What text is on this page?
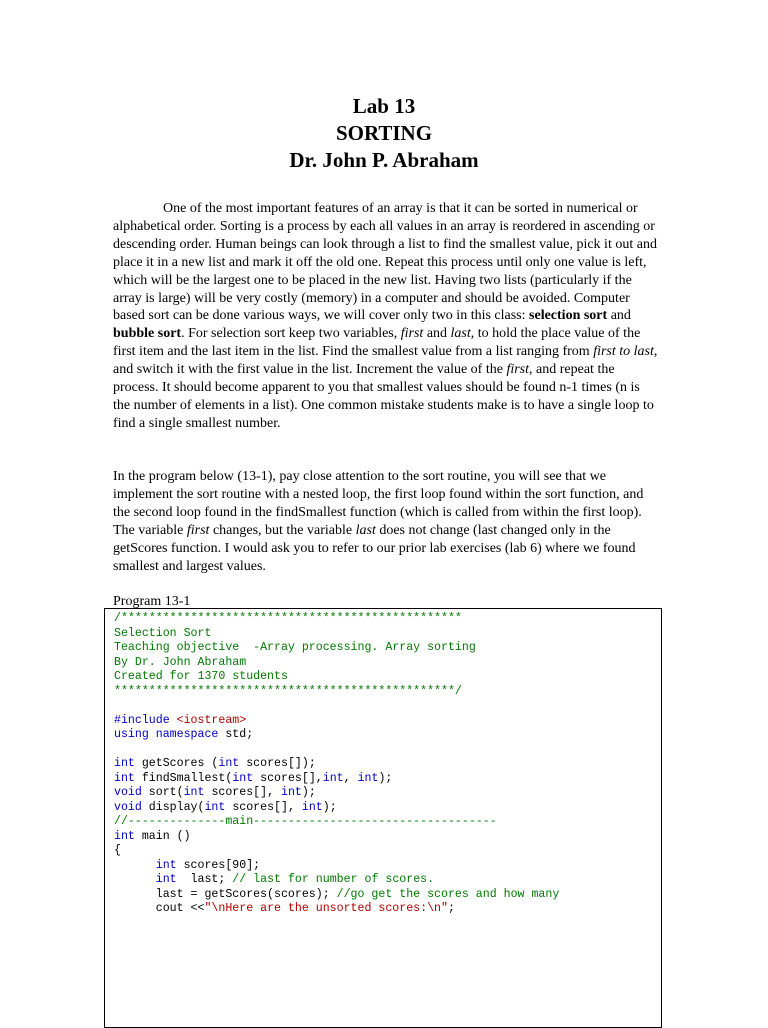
Lab 13
SORTING
Dr. John P. Abraham
One of the most important features of an array is that it can be sorted in numerical or alphabetical order. Sorting is a process by each all values in an array is reordered in ascending or descending order. Human beings can look through a list to find the smallest value, pick it out and place it in a new list and mark it off the old one. Repeat this process until only one value is left, which will be the largest one to be placed in the new list. Having two lists (particularly if the array is large) will be very costly (memory) in a computer and should be avoided. Computer based sort can be done various ways, we will cover only two in this class: selection sort and bubble sort. For selection sort keep two variables, first and last, to hold the place value of the first item and the last item in the list. Find the smallest value from a list ranging from first to last, and switch it with the first value in the list. Increment the value of the first, and repeat the process. It should become apparent to you that smallest values should be found n-1 times (n is the number of elements in a list). One common mistake students make is to have a single loop to find a single smallest number.
In the program below (13-1), pay close attention to the sort routine, you will see that we implement the sort routine with a nested loop, the first loop found within the sort function, and the second loop found in the findSmallest function (which is called from within the first loop). The variable first changes, but the variable last does not change (last changed only in the getScores function. I would ask you to refer to our prior lab exercises (lab 6) where we found smallest and largest values.
Program 13-1
/*************************************************
Selection Sort
Teaching objective  -Array processing. Array sorting
By Dr. John Abraham
Created for 1370 students
*************************************************/
#include <iostream>
using namespace std;
int getScores (int scores[]);
int findSmallest(int scores[],int, int);
void sort(int scores[], int);
void display(int scores[], int);
//--------------main-----------------------------------
int main ()
{
int scores[90];
int  last; // last for number of scores.
last = getScores(scores); //go get the scores and how many
cout <<"\nHere are the unsorted scores:\n";
